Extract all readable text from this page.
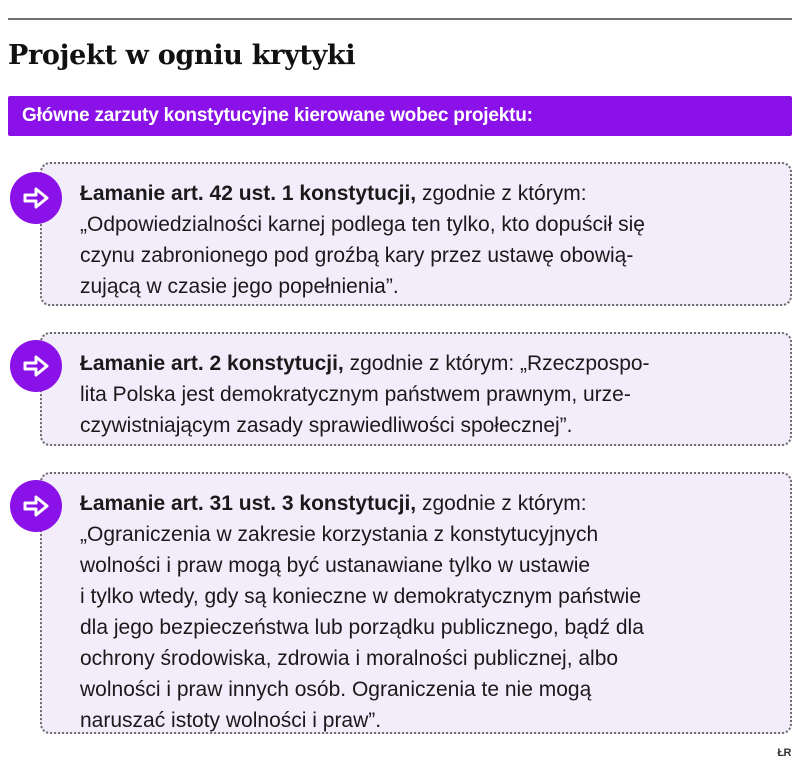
Projekt w ogniu krytyki
Główne zarzuty konstytucyjne kierowane wobec projektu:
Łamanie art. 42 ust. 1 konstytucji, zgodnie z którym:
„Odpowiedzialności karnej podlega ten tylko, kto dopuścił się
czynu zabronionego pod groźbą kary przez ustawę obowią-
zującą w czasie jego popełnienia”.
Łamanie art. 2 konstytucji, zgodnie z którym: „Rzeczpospo-
lita Polska jest demokratycznym państwem prawnym, urze-
czywistniającym zasady sprawiedliwości społecznej”.
Łamanie art. 31 ust. 3 konstytucji, zgodnie z którym:
„Ograniczenia w zakresie korzystania z konstytucyjnych
wolności i praw mogą być ustanawiane tylko w ustawie
i tylko wtedy, gdy są konieczne w demokratycznym państwie
dla jego bezpieczeństwa lub porządku publicznego, bądź dla
ochrony środowiska, zdrowia i moralności publicznej, albo
wolności i praw innych osób. Ograniczenia te nie mogą
naruszać istoty wolności i praw”.
ŁR
